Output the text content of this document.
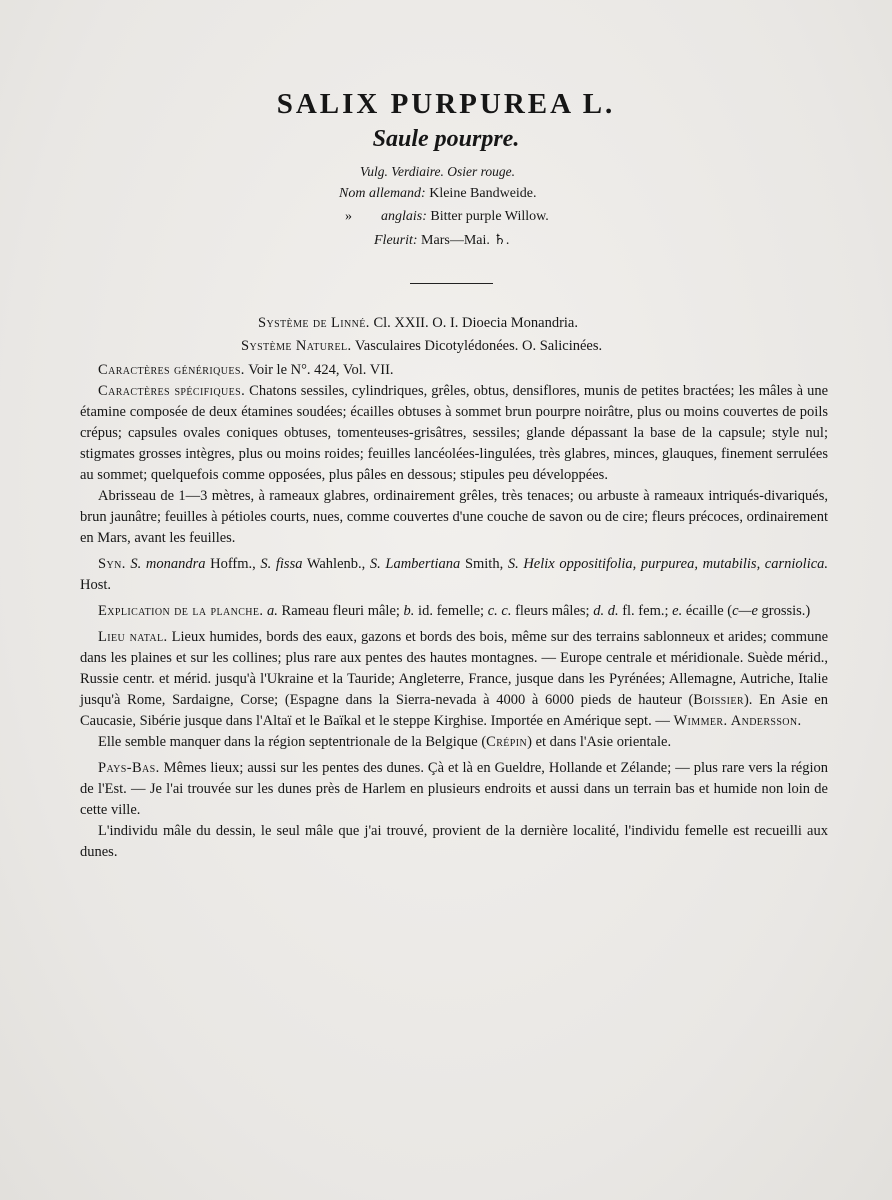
SALIX PURPUREA L.
Saule pourpre.
Vulg. Verdiaire. Osier rouge.
Nom allemand: Kleine Bandweide.
» anglais: Bitter purple Willow.
Fleurit: Mars—Mai. ♄.
Système de Linné. Cl. XXII. O. I. Dioecia Monandria.
Système Naturel. Vasculaires Dicotylédonées. O. Salicinées.

Caractères génériques. Voir le N°. 424, Vol. VII.

Caractères spécifiques. Chatons sessiles, cylindriques, grêles, obtus, densiflores, munis de petites bractées; les mâles à une étamine composée de deux étamines soudées; écailles obtuses à sommet brun pourpre noirâtre, plus ou moins couvertes de poils crépus; capsules ovales coniques obtuses, tomenteuses-grisâtres, sessiles; glande dépassant la base de la capsule; style nul; stigmates grosses intègres, plus ou moins roides; feuilles lancéolées-lingulées, très glabres, minces, glauques, finement serrulées au sommet; quelquefois comme opposées, plus pâles en dessous; stipules peu développées.

Abrisseau de 1—3 mètres, à rameaux glabres, ordinairement grêles, très tenaces; ou arbuste à rameaux intriqués-divariqués, brun jaunâtre; feuilles à pétioles courts, nues, comme couvertes d'une couche de savon ou de cire; fleurs précoces, ordinairement en Mars, avant les feuilles.

Syn. S. monandra Hoffm., S. fissa Wahlenb., S. Lambertiana Smith, S. Helix oppositifolia, purpurea, mutabilis, carniolica. Host.

Explication de la planche. a. Rameau fleuri mâle; b. id. femelle; c. c. fleurs mâles; d. d. fl. fem.; e. écaille (c—e grossis.)

Lieu natal. Lieux humides, bords des eaux, gazons et bords des bois, même sur des terrains sablonneux et arides; commune dans les plaines et sur les collines; plus rare aux pentes des hautes montagnes. — Europe centrale et méridionale. Suède mérid., Russie centr. et mérid. jusqu'à l'Ukraine et la Tauride; Angleterre, France, jusque dans les Pyrénées; Allemagne, Autriche, Italie jusqu'à Rome, Sardaigne, Corse; (Espagne dans la Sierra-nevada à 4000 à 6000 pieds de hauteur (Boissier). En Asie en Caucasie, Sibérie jusque dans l'Altaï et le Baïkal et le steppe Kirghise. Importée en Amérique sept. — Wimmer. Andersson.

Elle semble manquer dans la région septentrionale de la Belgique (Crépin) et dans l'Asie orientale.

Pays-Bas. Mêmes lieux; aussi sur les pentes des dunes. Çà et là en Gueldre, Hollande et Zélande; — plus rare vers la région de l'Est. — Je l'ai trouvée sur les dunes près de Harlem en plusieurs endroits et aussi dans un terrain bas et humide non loin de cette ville.

L'individu mâle du dessin, le seul mâle que j'ai trouvé, provient de la dernière localité, l'individu femelle est recueilli aux dunes.
